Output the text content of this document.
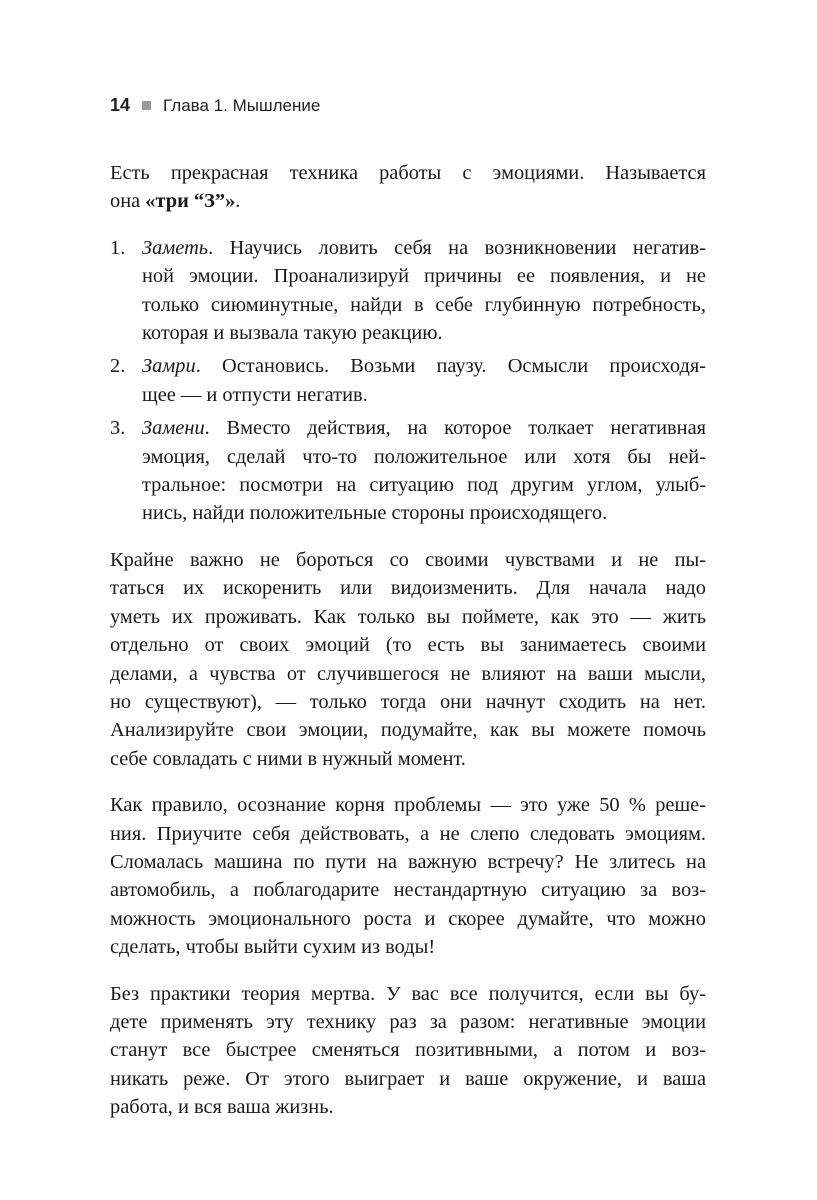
14 Глава 1. Мышление

Есть прекрасная техника работы с эмоциями. Называется
она «три “З”».

1. Заметь. Научись ловить себя на возникновении негатив-
ной эмоции. Проанализируй причины ее появления, и не
только сиюминутные, найди в себе глубинную потребность,
которая и вызвала такую реакцию.
2. Замри. Остановись. Возьми паузу. Осмысли происходя-
щее — и отпусти негатив.
3. Замени. Вместо действия, на которое толкает негативная
эмоция, сделай что-то положительное или хотя бы ней-
тральное: посмотри на ситуацию под другим углом, улыб-
нись, найди положительные стороны происходящего.

Крайне важно не бороться со своими чувствами и не пы-
таться их искоренить или видоизменить. Для начала надо
уметь их проживать. Как только вы поймете, как это — жить
отдельно от своих эмоций (то есть вы занимаетесь своими
делами, а чувства от случившегося не влияют на ваши мысли,
но существуют), — только тогда они начнут сходить на нет.
Анализируйте свои эмоции, подумайте, как вы можете помочь
себе совладать с ними в нужный момент.

Как правило, осознание корня проблемы — это уже 50 % реше-
ния. Приучите себя действовать, а не слепо следовать эмоциям.
Сломалась машина по пути на важную встречу? Не злитесь на
автомобиль, а поблагодарите нестандартную ситуацию за воз-
можность эмоционального роста и скорее думайте, что можно
сделать, чтобы выйти сухим из воды!

Без практики теория мертва. У вас все получится, если вы бу-
дете применять эту технику раз за разом: негативные эмоции
станут все быстрее сменяться позитивными, а потом и воз-
никать реже. От этого выиграет и ваше окружение, и ваша
работа, и вся ваша жизнь.
